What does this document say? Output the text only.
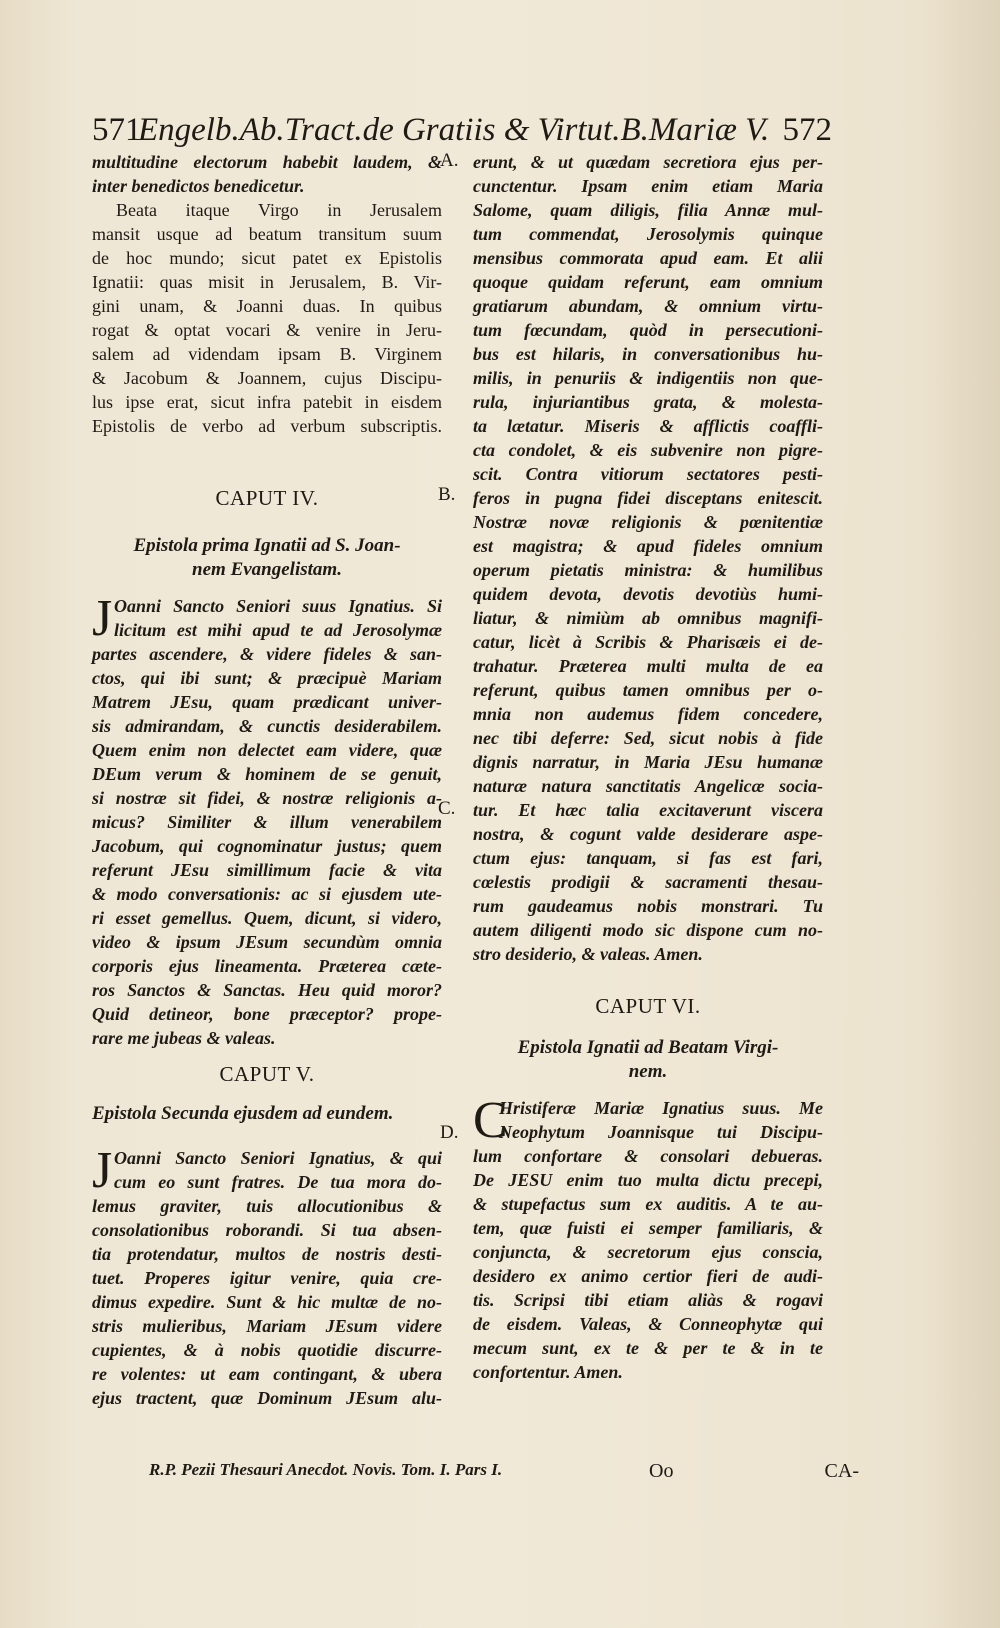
571
Engelb.Ab.Tract.de Gratiis & Virtut.B.Mariæ V. 572
multitudine electorum habebit laudem, &
inter benedictos benedicetur.
Beata itaque Virgo in Jerusalem
mansit usque ad beatum transitum suum
de hoc mundo; sicut patet ex Epistolis
Ignatii: quas misit in Jerusalem, B. Vir-
gini unam, & Joanni duas. In quibus
rogat & optat vocari & venire in Jeru-
salem ad videndam ipsam B. Virginem
& Jacobum & Joannem, cujus Discipu-
lus ipse erat, sicut infra patebit in eisdem
Epistolis de verbo ad verbum subscriptis.
CAPUT IV.
Epistola prima Ignatii ad S. Joan-
nem Evangelistam.
J Oanni Sancto Seniori suus Ignatius. Si
licitum est mihi apud te ad Jerosolymæ
partes ascendere, & videre fideles & san-
ctos, qui ibi sunt; & præcipuè Mariam
Matrem JEsu, quam prædicant univer-
sis admirandam, & cunctis desiderabilem.
Quem enim non delectet eam videre, quæ
DEum verum & hominem de se genuit,
si nostræ sit fidei, & nostræ religionis a-
micus? Similiter & illum venerabilem
Jacobum, qui cognominatur justus; quem
referunt JEsu simillimum facie & vita
& modo conversationis: ac si ejusdem ute-
ri esset gemellus. Quem, dicunt, si videro,
video & ipsum JEsum secundùm omnia
corporis ejus lineamenta. Præterea cæte-
ros Sanctos & Sanctas. Heu quid moror?
Quid detineor, bone præceptor? prope-
rare me jubeas & valeas.
CAPUT V.
Epistola Secunda ejusdem ad eundem.
J Oanni Sancto Seniori Ignatius, & qui
cum eo sunt fratres. De tua mora do-
lemus graviter, tuis allocutionibus &
consolationibus roborandi. Si tua absen-
tia protendatur, multos de nostris desti-
tuet. Properes igitur venire, quia cre-
dimus expedire. Sunt & hic multæ de no-
stris mulieribus, Mariam JEsum videre
cupientes, & à nobis quotidie discurre-
re volentes: ut eam contingant, & ubera
ejus tractent, quæ Dominum JEsum alu-
A.
B.
C.
D.
erunt, & ut quædam secretiora ejus per-
cunctentur. Ipsam enim etiam Maria
Salome, quam diligis, filia Annæ mul-
tum commendat, Jerosolymis quinque
mensibus commorata apud eam. Et alii
quoque quidam referunt, eam omnium
gratiarum abundam, & omnium virtu-
tum fœcundam, quòd in persecutioni-
bus est hilaris, in conversationibus hu-
milis, in penuriis & indigentiis non que-
rula, injuriantibus grata, & molesta-
ta lætatur. Miseris & afflictis coaffli-
cta condolet, & eis subvenire non pigre-
scit. Contra vitiorum sectatores pesti-
feros in pugna fidei disceptans enitescit.
Nostræ novæ religionis & pœnitentiæ
est magistra; & apud fideles omnium
operum pietatis ministra: & humilibus
quidem devota, devotis devotiùs humi-
liatur, & nimiùm ab omnibus magnifi-
catur, licèt à Scribis & Pharisæis ei de-
trahatur. Præterea multi multa de ea
referunt, quibus tamen omnibus per o-
mnia non audemus fidem concedere,
nec tibi deferre: Sed, sicut nobis à fide
dignis narratur, in Maria JEsu humanæ
naturæ natura sanctitatis Angelicæ socia-
tur. Et hæc talia excitaverunt viscera
nostra, & cogunt valde desiderare aspe-
ctum ejus: tanquam, si fas est fari,
cœlestis prodigii & sacramenti thesau-
rum gaudeamus nobis monstrari. Tu
autem diligenti modo sic dispone cum no-
stro desiderio, & valeas. Amen.
CAPUT VI.
Epistola Ignatii ad Beatam Virgi-
nem.
C
Hristiferæ Mariæ Ignatius suus. Me
Neophytum Joannisque tui Discipu-
lum confortare & consolari debueras.
De JESU enim tuo multa dictu precepi,
& stupefactus sum ex auditis. A te au-
tem, quæ fuisti ei semper familiaris, &
conjuncta, & secretorum ejus conscia,
desidero ex animo certior fieri de audi-
tis. Scripsi tibi etiam aliàs & rogavi
de eisdem. Valeas, & Conneophytæ qui
mecum sunt, ex te & per te & in te
confortentur. Amen.
R.P. Pezii Thesauri Anecdot. Novis. Tom. I. Pars I.	Oo	CA-
